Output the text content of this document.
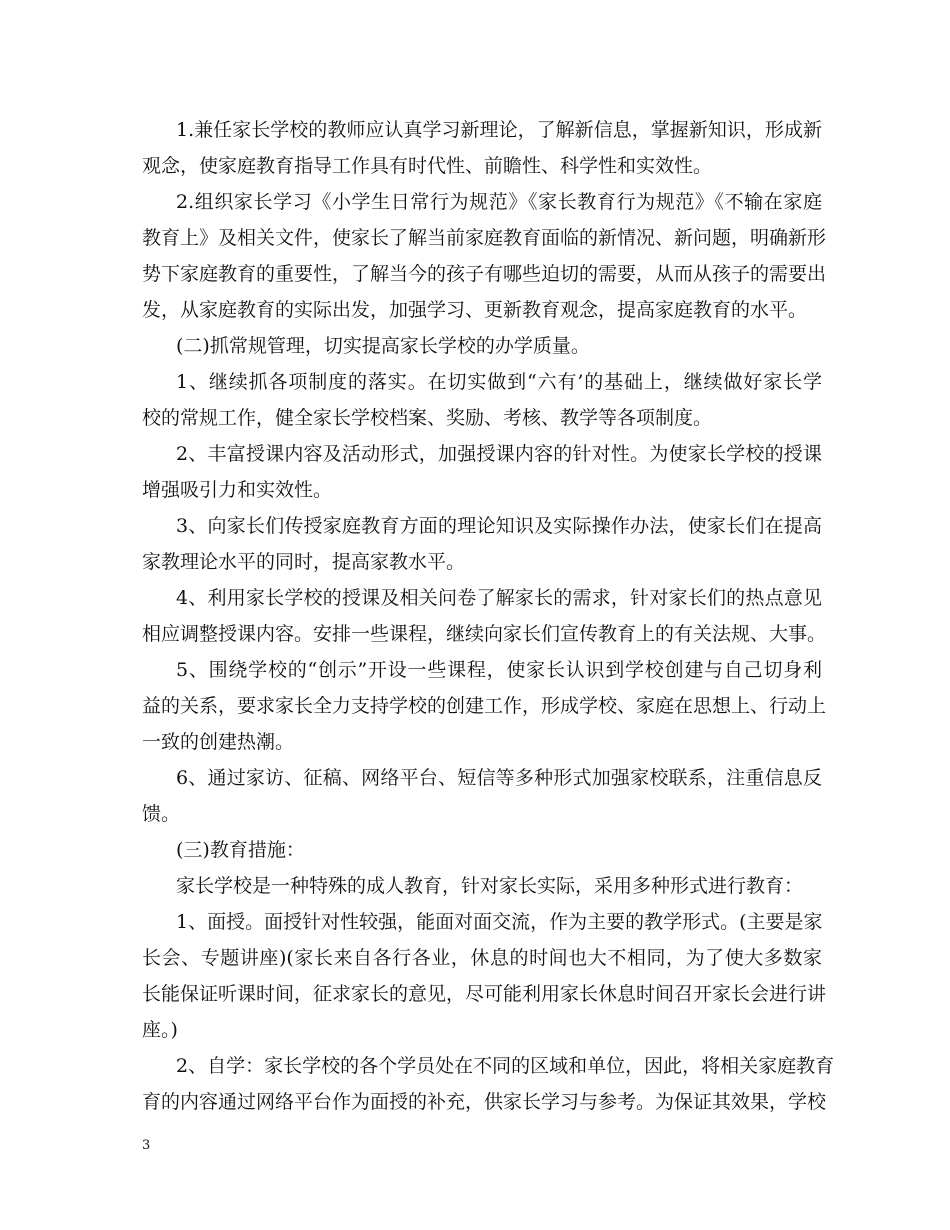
1.兼任家长学校的教师应认真学习新理论，了解新信息，掌握新知识，形成新
观念，使家庭教育指导工作具有时代性、前瞻性、科学性和实效性。
2.组织家长学习《小学生日常行为规范》《家长教育行为规范》《不输在家庭
教育上》及相关文件，使家长了解当前家庭教育面临的新情况、新问题，明确新形
势下家庭教育的重要性，了解当今的孩子有哪些迫切的需要，从而从孩子的需要出
发，从家庭教育的实际出发，加强学习、更新教育观念，提高家庭教育的水平。
(二)抓常规管理，切实提高家长学校的办学质量。
1、继续抓各项制度的落实。在切实做到“六有’的基础上，继续做好家长学
校的常规工作，健全家长学校档案、奖励、考核、教学等各项制度。
2、丰富授课内容及活动形式，加强授课内容的针对性。为使家长学校的授课
增强吸引力和实效性。
3、向家长们传授家庭教育方面的理论知识及实际操作办法，使家长们在提高
家教理论水平的同时，提高家教水平。
4、利用家长学校的授课及相关问卷了解家长的需求，针对家长们的热点意见
相应调整授课内容。安排一些课程，继续向家长们宣传教育上的有关法规、大事。
5、围绕学校的“创示”开设一些课程，使家长认识到学校创建与自己切身利
益的关系，要求家长全力支持学校的创建工作，形成学校、家庭在思想上、行动上
一致的创建热潮。
6、通过家访、征稿、网络平台、短信等多种形式加强家校联系，注重信息反
馈。
(三)教育措施：
家长学校是一种特殊的成人教育，针对家长实际，采用多种形式进行教育：
1、面授。面授针对性较强，能面对面交流，作为主要的教学形式。(主要是家
长会、专题讲座)(家长来自各行各业，休息的时间也大不相同，为了使大多数家
长能保证听课时间，征求家长的意见，尽可能利用家长休息时间召开家长会进行讲
座。)
2、自学：家长学校的各个学员处在不同的区域和单位，因此，将相关家庭教育
育的内容通过网络平台作为面授的补充，供家长学习与参考。为保证其效果，学校
3
